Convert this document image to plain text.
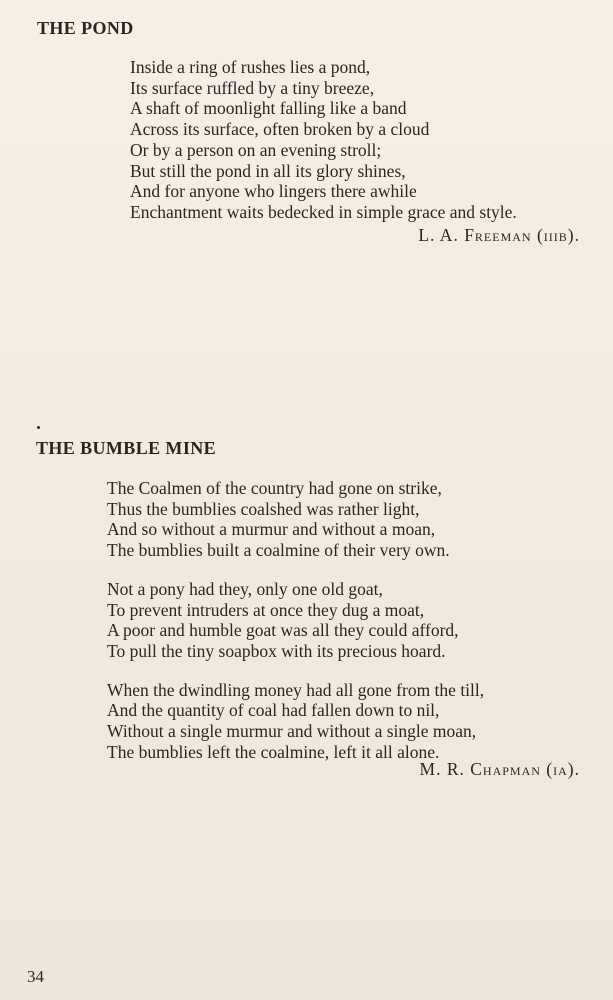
THE POND
Inside a ring of rushes lies a pond,
Its surface ruffled by a tiny breeze,
A shaft of moonlight falling like a band
Across its surface, often broken by a cloud
Or by a person on an evening stroll;
But still the pond in all its glory shines,
And for anyone who lingers there awhile
Enchantment waits bedecked in simple grace and style.
L. A. Freeman (iiib).
THE BUMBLE MINE
The Coalmen of the country had gone on strike,
Thus the bumblies coalshed was rather light,
And so without a murmur and without a moan,
The bumblies built a coalmine of their very own.
Not a pony had they, only one old goat,
To prevent intruders at once they dug a moat,
A poor and humble goat was all they could afford,
To pull the tiny soapbox with its precious hoard.
When the dwindling money had all gone from the till,
And the quantity of coal had fallen down to nil,
Without a single murmur and without a single moan,
The bumblies left the coalmine, left it all alone.
M. R. Chapman (ia).
34
